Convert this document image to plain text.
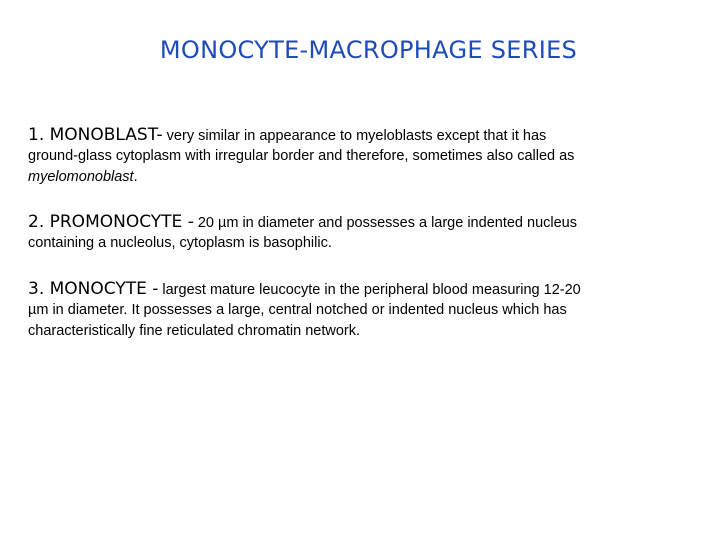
MONOCYTE-MACROPHAGE SERIES
1. MONOBLAST- very similar in appearance to myeloblasts except that it has

ground-glass cytoplasm with irregular border and therefore, sometimes also called as
myelomonoblast.

2. PROMONOCYTE - 20 µm in diameter and possesses a large indented nucleus

containing a nucleolus, cytoplasm is basophilic.

3. MONOCYTE - largest mature leucocyte in the peripheral blood measuring 12-20

µm in diameter. It possesses a large, central notched or indented nucleus which has
characteristically fine reticulated chromatin network.
